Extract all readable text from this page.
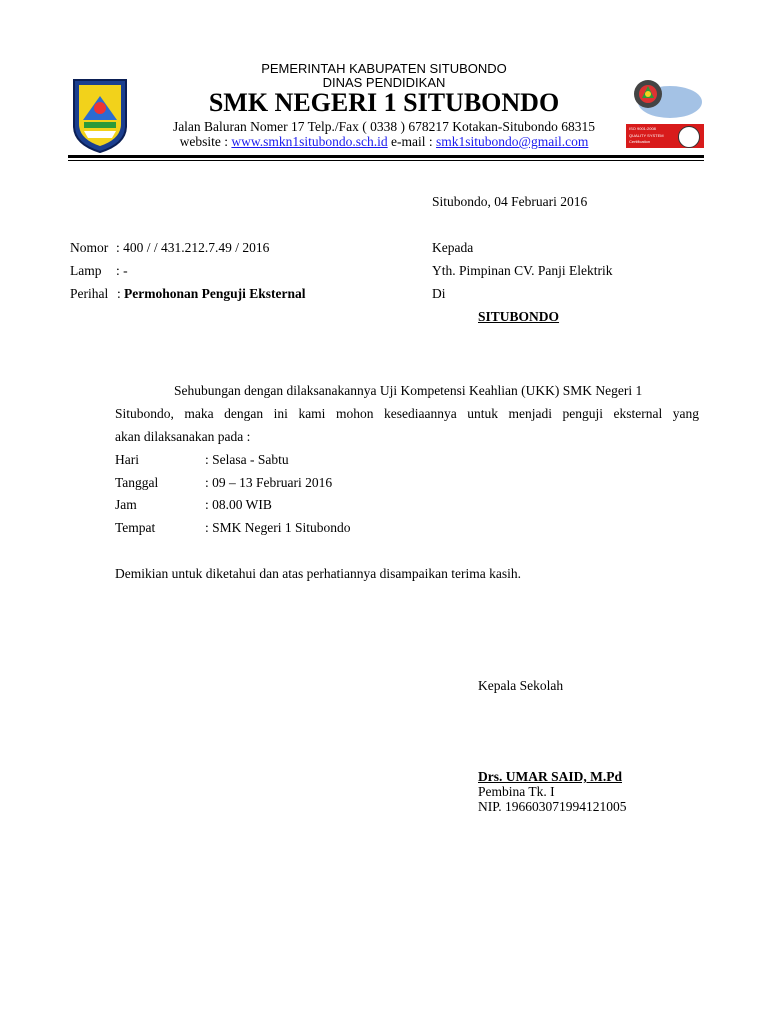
ISO 9001:2008
QUALITY SYSTEM
Certification
PEMERINTAH KABUPATEN SITUBONDO
DINAS PENDIDIKAN
SMK NEGERI 1 SITUBONDO
Jalan Baluran Nomer 17 Telp./Fax ( 0338 ) 678217 Kotakan-Situbondo 68315
website : www.smkn1situbondo.sch.id e-mail : smk1situbondo@gmail.com
Situbondo, 04 Februari 2016
Nomor : 400 / / 431.212.7.49 / 2016
Lamp : -
Perihal : Permohonan Penguji Eksternal
Kepada
Yth. Pimpinan CV. Panji Elektrik
Di
SITUBONDO
Sehubungan dengan dilaksanakannya Uji Kompetensi Keahlian (UKK) SMK Negeri 1
Situbondo, maka dengan ini kami mohon kesediaannya untuk menjadi penguji eksternal yang
akan dilaksanakan pada :
Hari	: Selasa - Sabtu
Tanggal	: 09 – 13 Februari 2016
Jam	: 08.00 WIB
Tempat	: SMK Negeri 1 Situbondo
Demikian untuk diketahui dan atas perhatiannya disampaikan terima kasih.
Kepala Sekolah
Drs. UMAR SAID, M.Pd
Pembina Tk. I
NIP. 196603071994121005
